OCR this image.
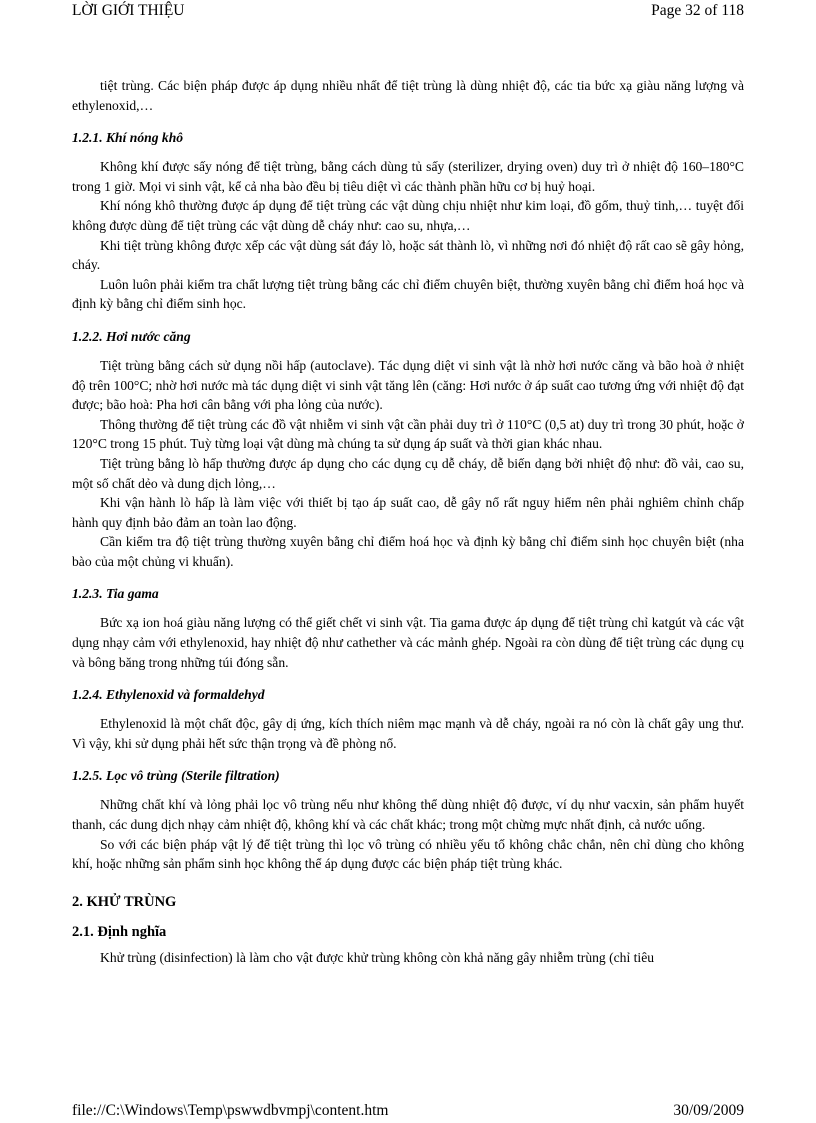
LỜI GIỚI THIỆU	Page 32 of 118

tiệt trùng. Các biện pháp được áp dụng nhiều nhất để tiệt trùng là dùng nhiệt độ, các tia bức xạ giàu năng lượng và ethylenoxid,…

1.2.1. Khí nóng khô

Không khí được sấy nóng để tiệt trùng, bằng cách dùng tủ sấy (sterilizer, drying oven) duy trì ở nhiệt độ 160–180°C trong 1 giờ. Mọi vi sinh vật, kể cả nha bào đều bị tiêu diệt vì các thành phần hữu cơ bị huỷ hoại.

Khí nóng khô thường được áp dụng để tiệt trùng các vật dùng chịu nhiệt như kim loại, đồ gốm, thuỷ tinh,… tuyệt đối không được dùng để tiệt trùng các vật dùng dễ cháy như: cao su, nhựa,…

Khi tiệt trùng không được xếp các vật dùng sát đáy lò, hoặc sát thành lò, vì những nơi đó nhiệt độ rất cao sẽ gây hỏng, cháy.

Luôn luôn phải kiểm tra chất lượng tiệt trùng bằng các chỉ điểm chuyên biệt, thường xuyên bằng chỉ điểm hoá học và định kỳ bằng chỉ điểm sinh học.

1.2.2. Hơi nước căng

Tiệt trùng bằng cách sử dụng nồi hấp (autoclave). Tác dụng diệt vi sinh vật là nhờ hơi nước căng và bão hoà ở nhiệt độ trên 100°C; nhờ hơi nước mà tác dụng diệt vi sinh vật tăng lên (căng: Hơi nước ở áp suất cao tương ứng với nhiệt độ đạt được; bão hoà: Pha hơi cân bằng với pha lỏng của nước).

Thông thường để tiệt trùng các đồ vật nhiễm vi sinh vật cần phải duy trì ở 110°C (0,5 at) duy trì trong 30 phút, hoặc ở 120°C trong 15 phút. Tuỳ từng loại vật dùng mà chúng ta sử dụng áp suất và thời gian khác nhau.

Tiệt trùng bằng lò hấp thường được áp dụng cho các dụng cụ dễ cháy, dễ biến dạng bởi nhiệt độ như: đồ vải, cao su, một số chất dẻo và dung dịch lỏng,…

Khi vận hành lò hấp là làm việc với thiết bị tạo áp suất cao, dễ gây nổ rất nguy hiểm nên phải nghiêm chỉnh chấp hành quy định bảo đảm an toàn lao động.

Cần kiểm tra độ tiệt trùng thường xuyên bằng chỉ điểm hoá học và định kỳ bằng chỉ điểm sinh học chuyên biệt (nha bào của một chủng vi khuẩn).

1.2.3. Tia gama

Bức xạ ion hoá giàu năng lượng có thể giết chết vi sinh vật. Tia gama được áp dụng để tiệt trùng chỉ katgút và các vật dụng nhạy cảm với ethylenoxid, hay nhiệt độ như cathether và các mảnh ghép. Ngoài ra còn dùng để tiệt trùng các dụng cụ và bông băng trong những túi đóng sẵn.

1.2.4. Ethylenoxid và formaldehyd

Ethylenoxid là một chất độc, gây dị ứng, kích thích niêm mạc mạnh và dễ cháy, ngoài ra nó còn là chất gây ung thư. Vì vậy, khi sử dụng phải hết sức thận trọng và đề phòng nổ.

1.2.5. Lọc vô trùng (Sterile filtration)

Những chất khí và lỏng phải lọc vô trùng nếu như không thể dùng nhiệt độ được, ví dụ như vacxin, sản phẩm huyết thanh, các dung dịch nhạy cảm nhiệt độ, không khí và các chất khác; trong một chừng mực nhất định, cả nước uống.

So với các biện pháp vật lý để tiệt trùng thì lọc vô trùng có nhiều yếu tố không chắc chắn, nên chỉ dùng cho không khí, hoặc những sản phẩm sinh học không thể áp dụng được các biện pháp tiệt trùng khác.

2. KHỬ TRÙNG
2.1. Định nghĩa

Khử trùng (disinfection) là làm cho vật được khử trùng không còn khả năng gây nhiễm trùng (chỉ tiêu

file://C:\Windows\Temp\pswwdbvmpj\content.htm	30/09/2009
